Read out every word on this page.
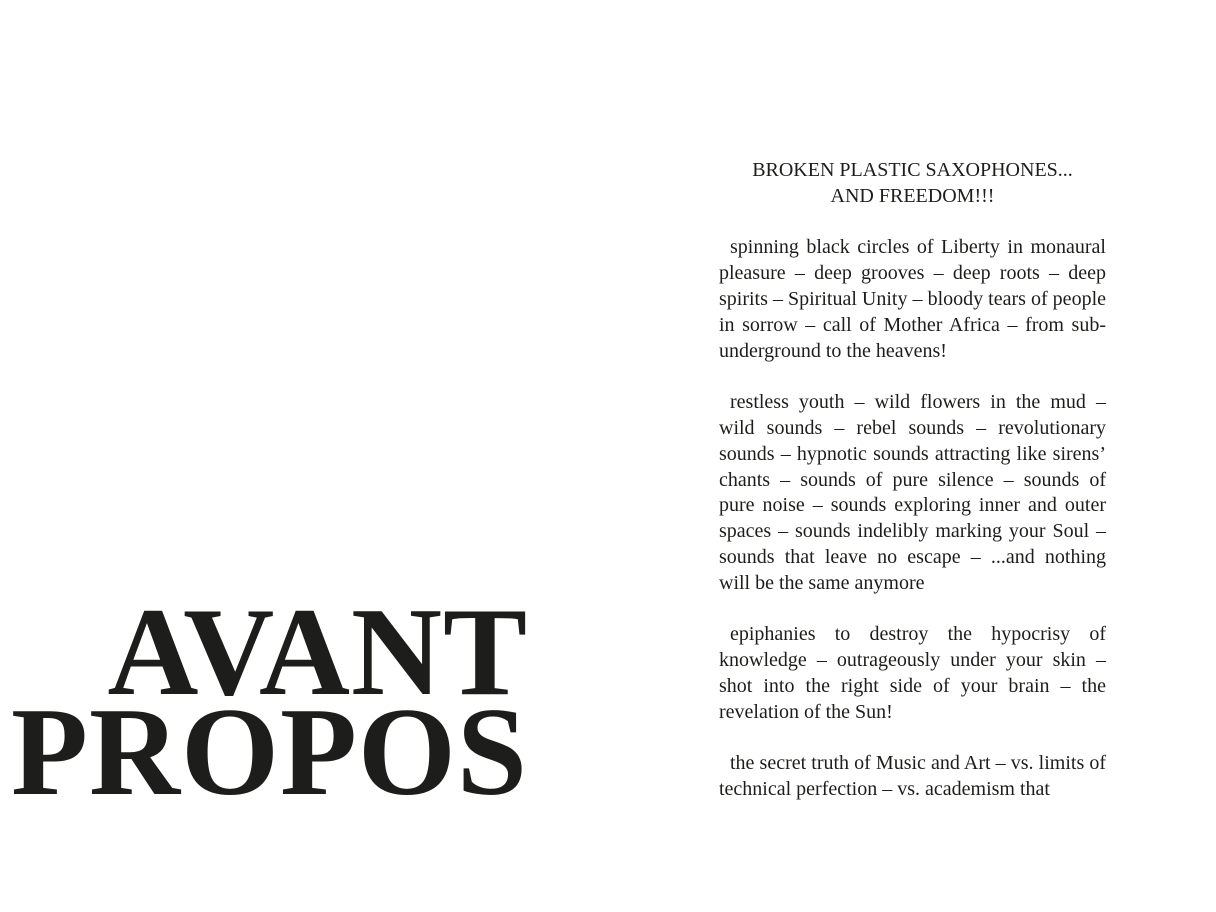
AVANT
PROPOS
BROKEN PLASTIC SAXOPHONES...
AND FREEDOM!!!

spinning black circles of Liberty in monaural pleasure – deep grooves – deep roots – deep spirits – Spiritual Unity – bloody tears of people in sorrow – call of Mother Africa – from sub-underground to the heavens!

restless youth – wild flowers in the mud – wild sounds – rebel sounds – revolutionary sounds – hypnotic sounds attracting like sirens’ chants – sounds of pure silence – sounds of pure noise – sounds exploring inner and outer spaces – sounds indelibly marking your Soul – sounds that leave no escape – ...and nothing will be the same anymore

epiphanies to destroy the hypocrisy of knowledge – outrageously under your skin – shot into the right side of your brain – the revelation of the Sun!

the secret truth of Music and Art – vs. limits of technical perfection – vs. academism that
